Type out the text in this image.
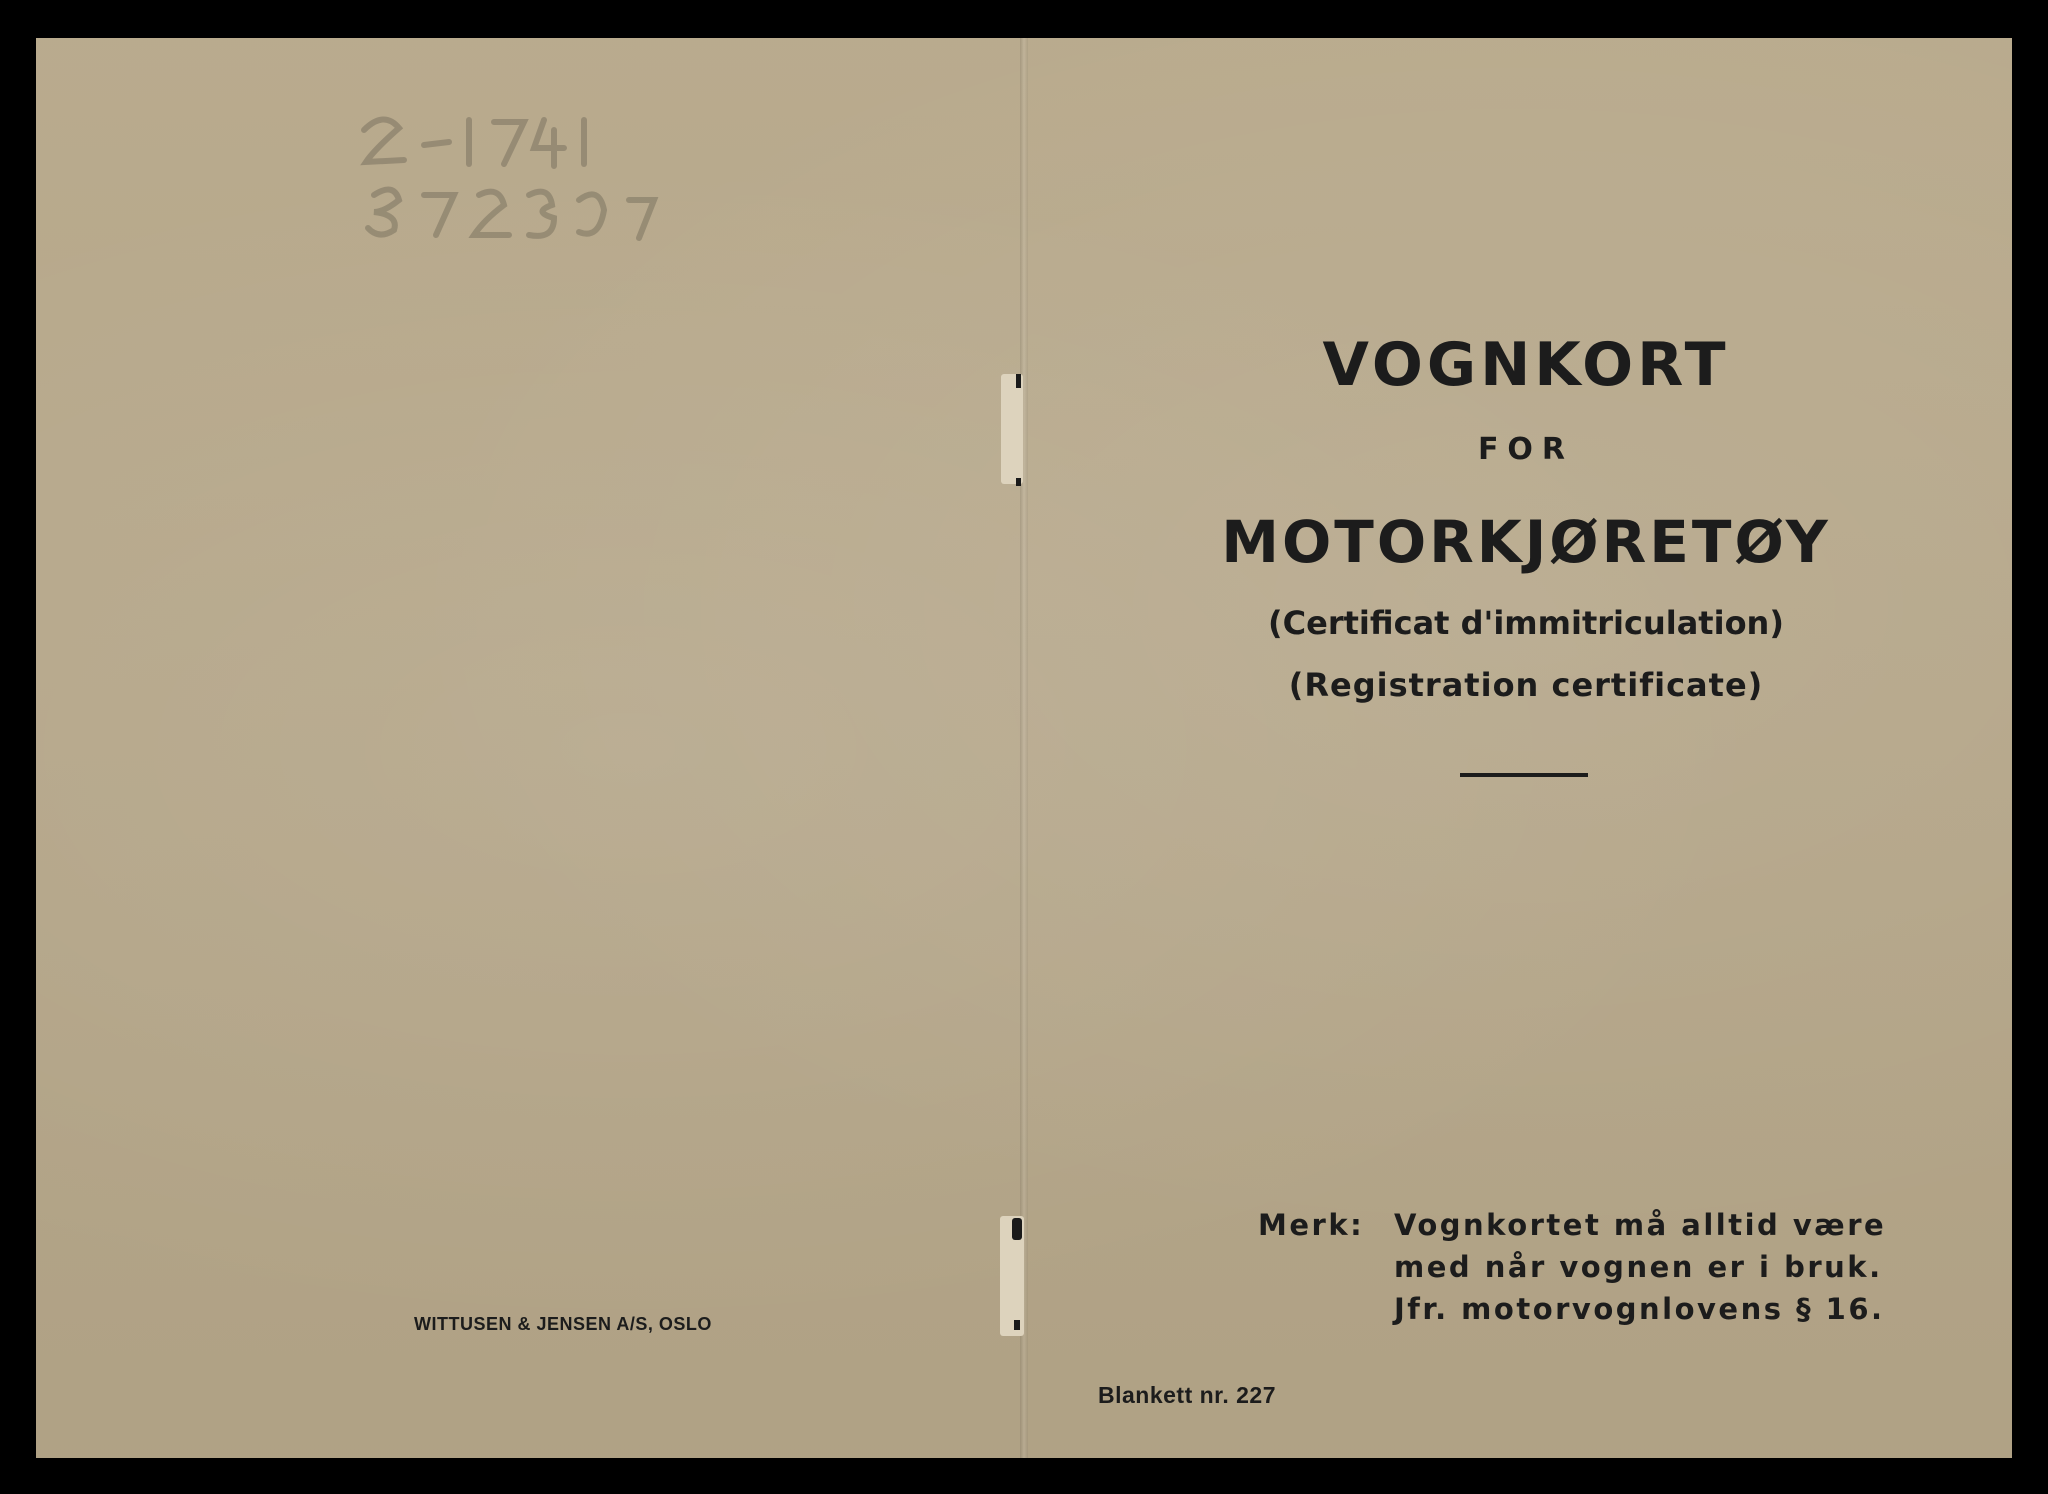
VOGNKORT
FOR
MOTORKJØRETØY
(Certificat d'immitriculation)
(Registration certificate)
Merk: Vognkortet må alltid være
med når vognen er i bruk.
Jfr. motorvognlovens § 16.
WITTUSEN & JENSEN A/S, OSLO
Blankett nr. 227
